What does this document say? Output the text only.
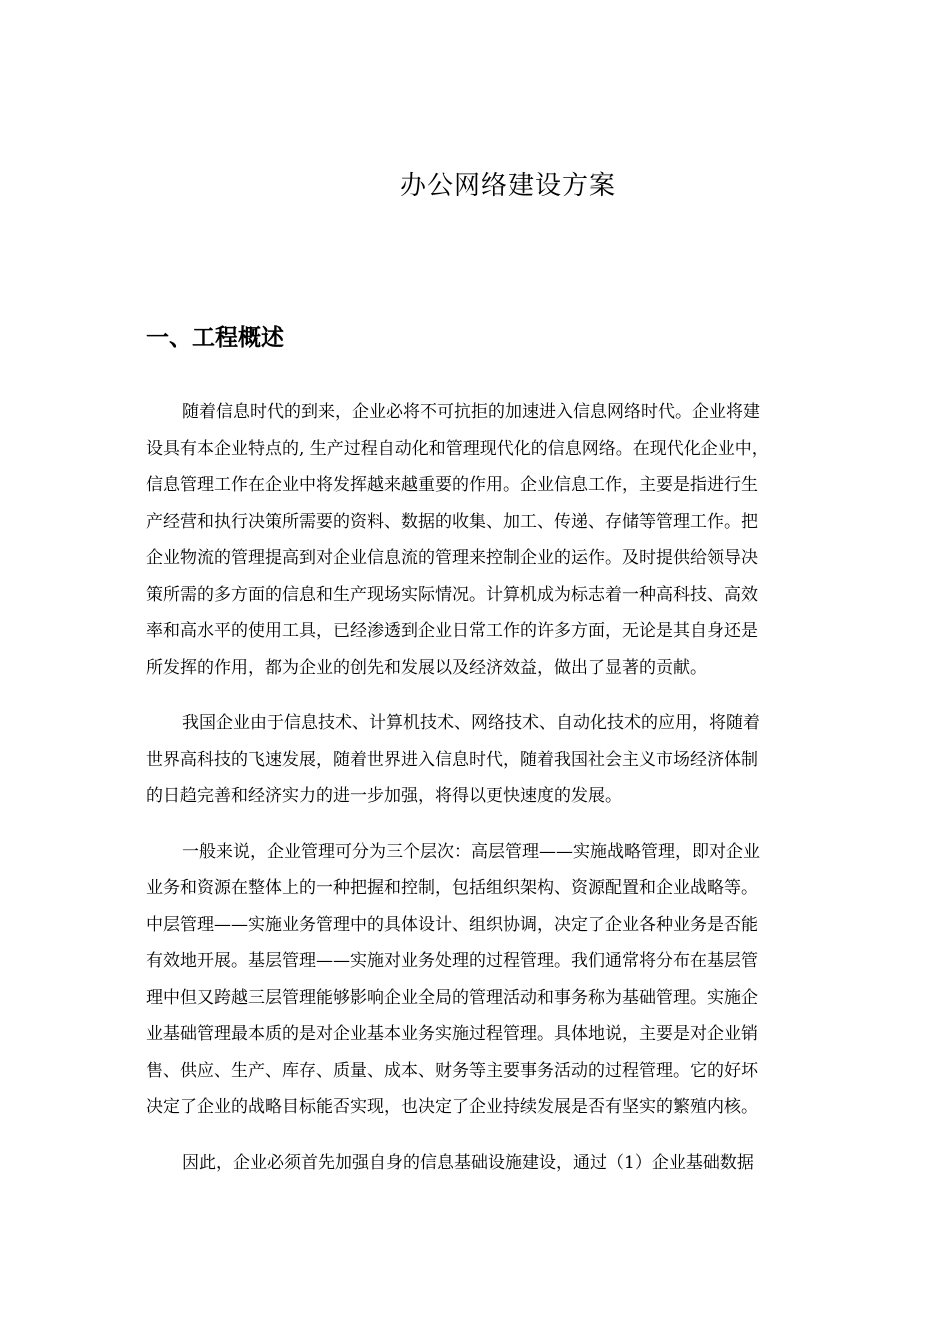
办公网络建设方案
一、工程概述

随着信息时代的到来，企业必将不可抗拒的加速进入信息网络时代。企业将建
设具有本企业特点的, 生产过程自动化和管理现代化的信息网络。在现代化企业中，
信息管理工作在企业中将发挥越来越重要的作用。企业信息工作，主要是指进行生
产经营和执行决策所需要的资料、数据的收集、加工、传递、存储等管理工作。把
企业物流的管理提高到对企业信息流的管理来控制企业的运作。及时提供给领导决
策所需的多方面的信息和生产现场实际情况。计算机成为标志着一种高科技、高效
率和高水平的使用工具，已经渗透到企业日常工作的许多方面，无论是其自身还是
所发挥的作用，都为企业的创先和发展以及经济效益，做出了显著的贡献。

我国企业由于信息技术、计算机技术、网络技术、自动化技术的应用，将随着
世界高科技的飞速发展，随着世界进入信息时代，随着我国社会主义市场经济体制
的日趋完善和经济实力的进一步加强，将得以更快速度的发展。

一般来说，企业管理可分为三个层次：高层管理——实施战略管理，即对企业
业务和资源在整体上的一种把握和控制，包括组织架构、资源配置和企业战略等。
中层管理——实施业务管理中的具体设计、组织协调，决定了企业各种业务是否能
有效地开展。基层管理——实施对业务处理的过程管理。我们通常将分布在基层管
理中但又跨越三层管理能够影响企业全局的管理活动和事务称为基础管理。实施企
业基础管理最本质的是对企业基本业务实施过程管理。具体地说，主要是对企业销
售、供应、生产、库存、质量、成本、财务等主要事务活动的过程管理。它的好坏
决定了企业的战略目标能否实现，也决定了企业持续发展是否有坚实的繁殖内核。

因此，企业必须首先加强自身的信息基础设施建设，通过（1）企业基础数据
